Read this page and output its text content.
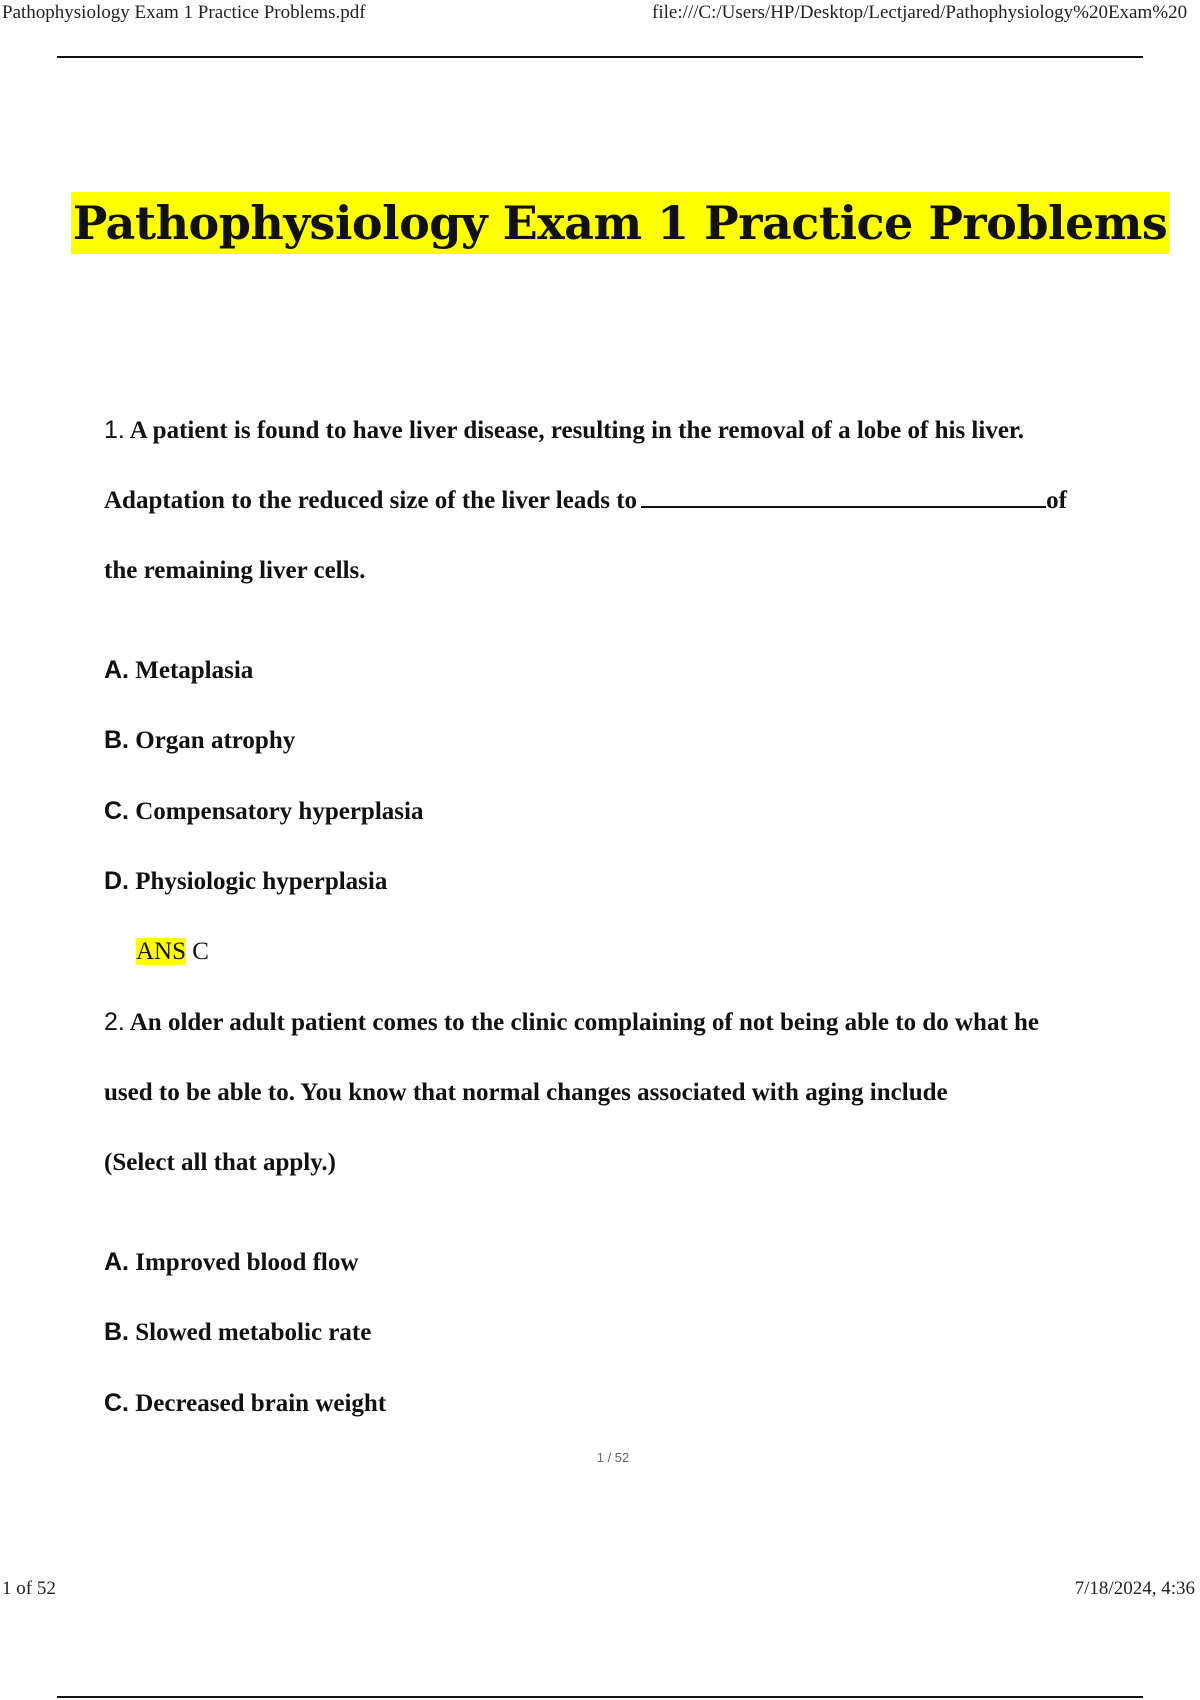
Pathophysiology Exam 1 Practice Problems.pdf	file:///C:/Users/HP/Desktop/Lectjared/Pathophysiology%20Exam%20
Pathophysiology Exam 1 Practice Problems
1. A patient is found to have liver disease, resulting in the removal of a lobe of his liver.
Adaptation to the reduced size of the liver leads to	of
the remaining liver cells.
A. Metaplasia
B. Organ atrophy
C. Compensatory hyperplasia
D. Physiologic hyperplasia
ANS C
2. An older adult patient comes to the clinic complaining of not being able to do what he
used to be able to. You know that normal changes associated with aging include
(Select all that apply.)
A. Improved blood flow
B. Slowed metabolic rate
C. Decreased brain weight
1 / 52
1 of 52	7/18/2024, 4:36
